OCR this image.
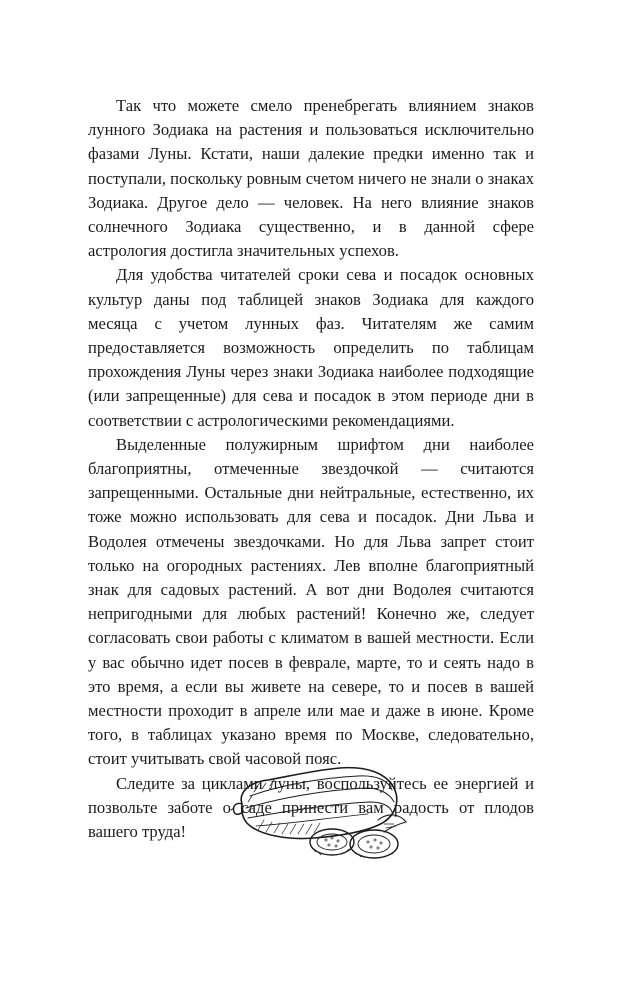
Так что можете смело пренебрегать влиянием знаков лунного Зодиака на растения и пользоваться исключительно фазами Луны. Кстати, наши далекие предки именно так и поступали, поскольку ровным счетом ничего не знали о знаках Зодиака. Другое дело — человек. На него влияние знаков солнечного Зодиака существенно, и в данной сфере астрология достигла значительных успехов.

Для удобства читателей сроки сева и посадок основных культур даны под таблицей знаков Зодиака для каждого месяца с учетом лунных фаз. Читателям же самим предоставляется возможность определить по таблицам прохождения Луны через знаки Зодиака наиболее подходящие (или запрещенные) для сева и посадок в этом периоде дни в соответствии с астрологическими рекомендациями.

Выделенные полужирным шрифтом дни наиболее благоприятны, отмеченные звездочкой — считаются запрещенными. Остальные дни нейтральные, естественно, их тоже можно использовать для сева и посадок. Дни Льва и Водолея отмечены звездочками. Но для Льва запрет стоит только на огородных растениях. Лев вполне благоприятный знак для садовых растений. А вот дни Водолея считаются непригодными для любых растений! Конечно же, следует согласовать свои работы с климатом в вашей местности. Если у вас обычно идет посев в феврале, марте, то и сеять надо в это время, а если вы живете на севере, то и посев в вашей местности проходит в апреле или мае и даже в июне. Кроме того, в таблицах указано время по Москве, следовательно, стоит учитывать свой часовой пояс.

Следите за циклами луны, воспользуйтесь ее энергией и позвольте заботе о саде принести вам радость от плодов вашего труда!
